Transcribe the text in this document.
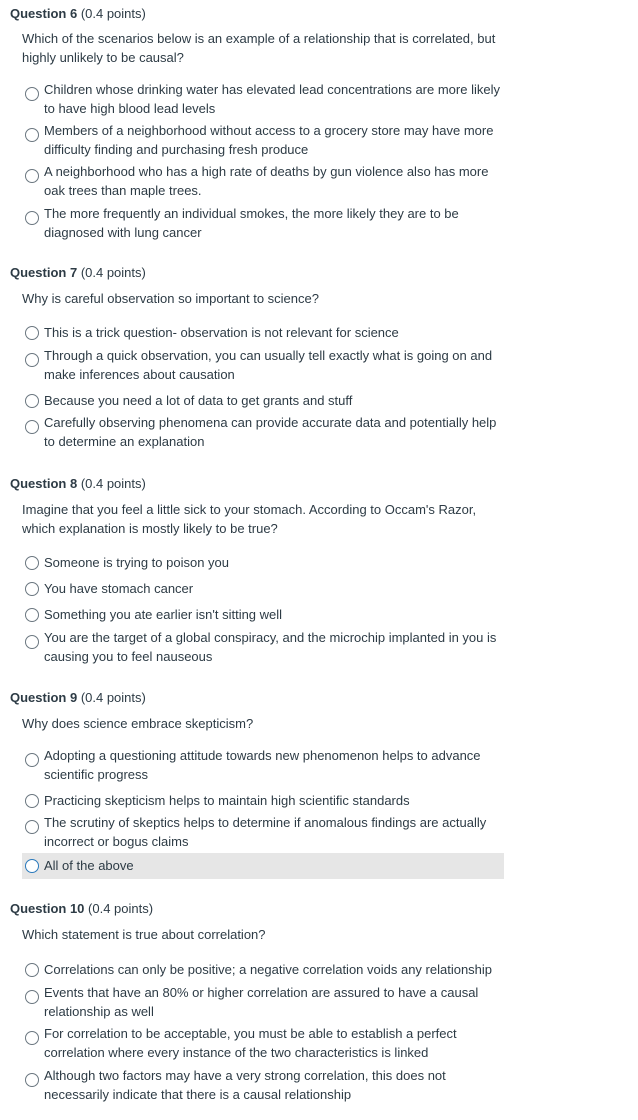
Question 6 (0.4 points)
Which of the scenarios below is an example of a relationship that is correlated, but highly unlikely to be causal?
Children whose drinking water has elevated lead concentrations are more likely to have high blood lead levels
Members of a neighborhood without access to a grocery store may have more difficulty finding and purchasing fresh produce
A neighborhood who has a high rate of deaths by gun violence also has more oak trees than maple trees.
The more frequently an individual smokes, the more likely they are to be diagnosed with lung cancer
Question 7 (0.4 points)
Why is careful observation so important to science?
This is a trick question- observation is not relevant for science
Through a quick observation, you can usually tell exactly what is going on and make inferences about causation
Because you need a lot of data to get grants and stuff
Carefully observing phenomena can provide accurate data and potentially help to determine an explanation
Question 8 (0.4 points)
Imagine that you feel a little sick to your stomach. According to Occam's Razor, which explanation is mostly likely to be true?
Someone is trying to poison you
You have stomach cancer
Something you ate earlier isn't sitting well
You are the target of a global conspiracy, and the microchip implanted in you is causing you to feel nauseous
Question 9 (0.4 points)
Why does science embrace skepticism?
Adopting a questioning attitude towards new phenomenon helps to advance scientific progress
Practicing skepticism helps to maintain high scientific standards
The scrutiny of skeptics helps to determine if anomalous findings are actually incorrect or bogus claims
All of the above
Question 10 (0.4 points)
Which statement is true about correlation?
Correlations can only be positive; a negative correlation voids any relationship
Events that have an 80% or higher correlation are assured to have a causal relationship as well
For correlation to be acceptable, you must be able to establish a perfect correlation where every instance of the two characteristics is linked
Although two factors may have a very strong correlation, this does not necessarily indicate that there is a causal relationship
